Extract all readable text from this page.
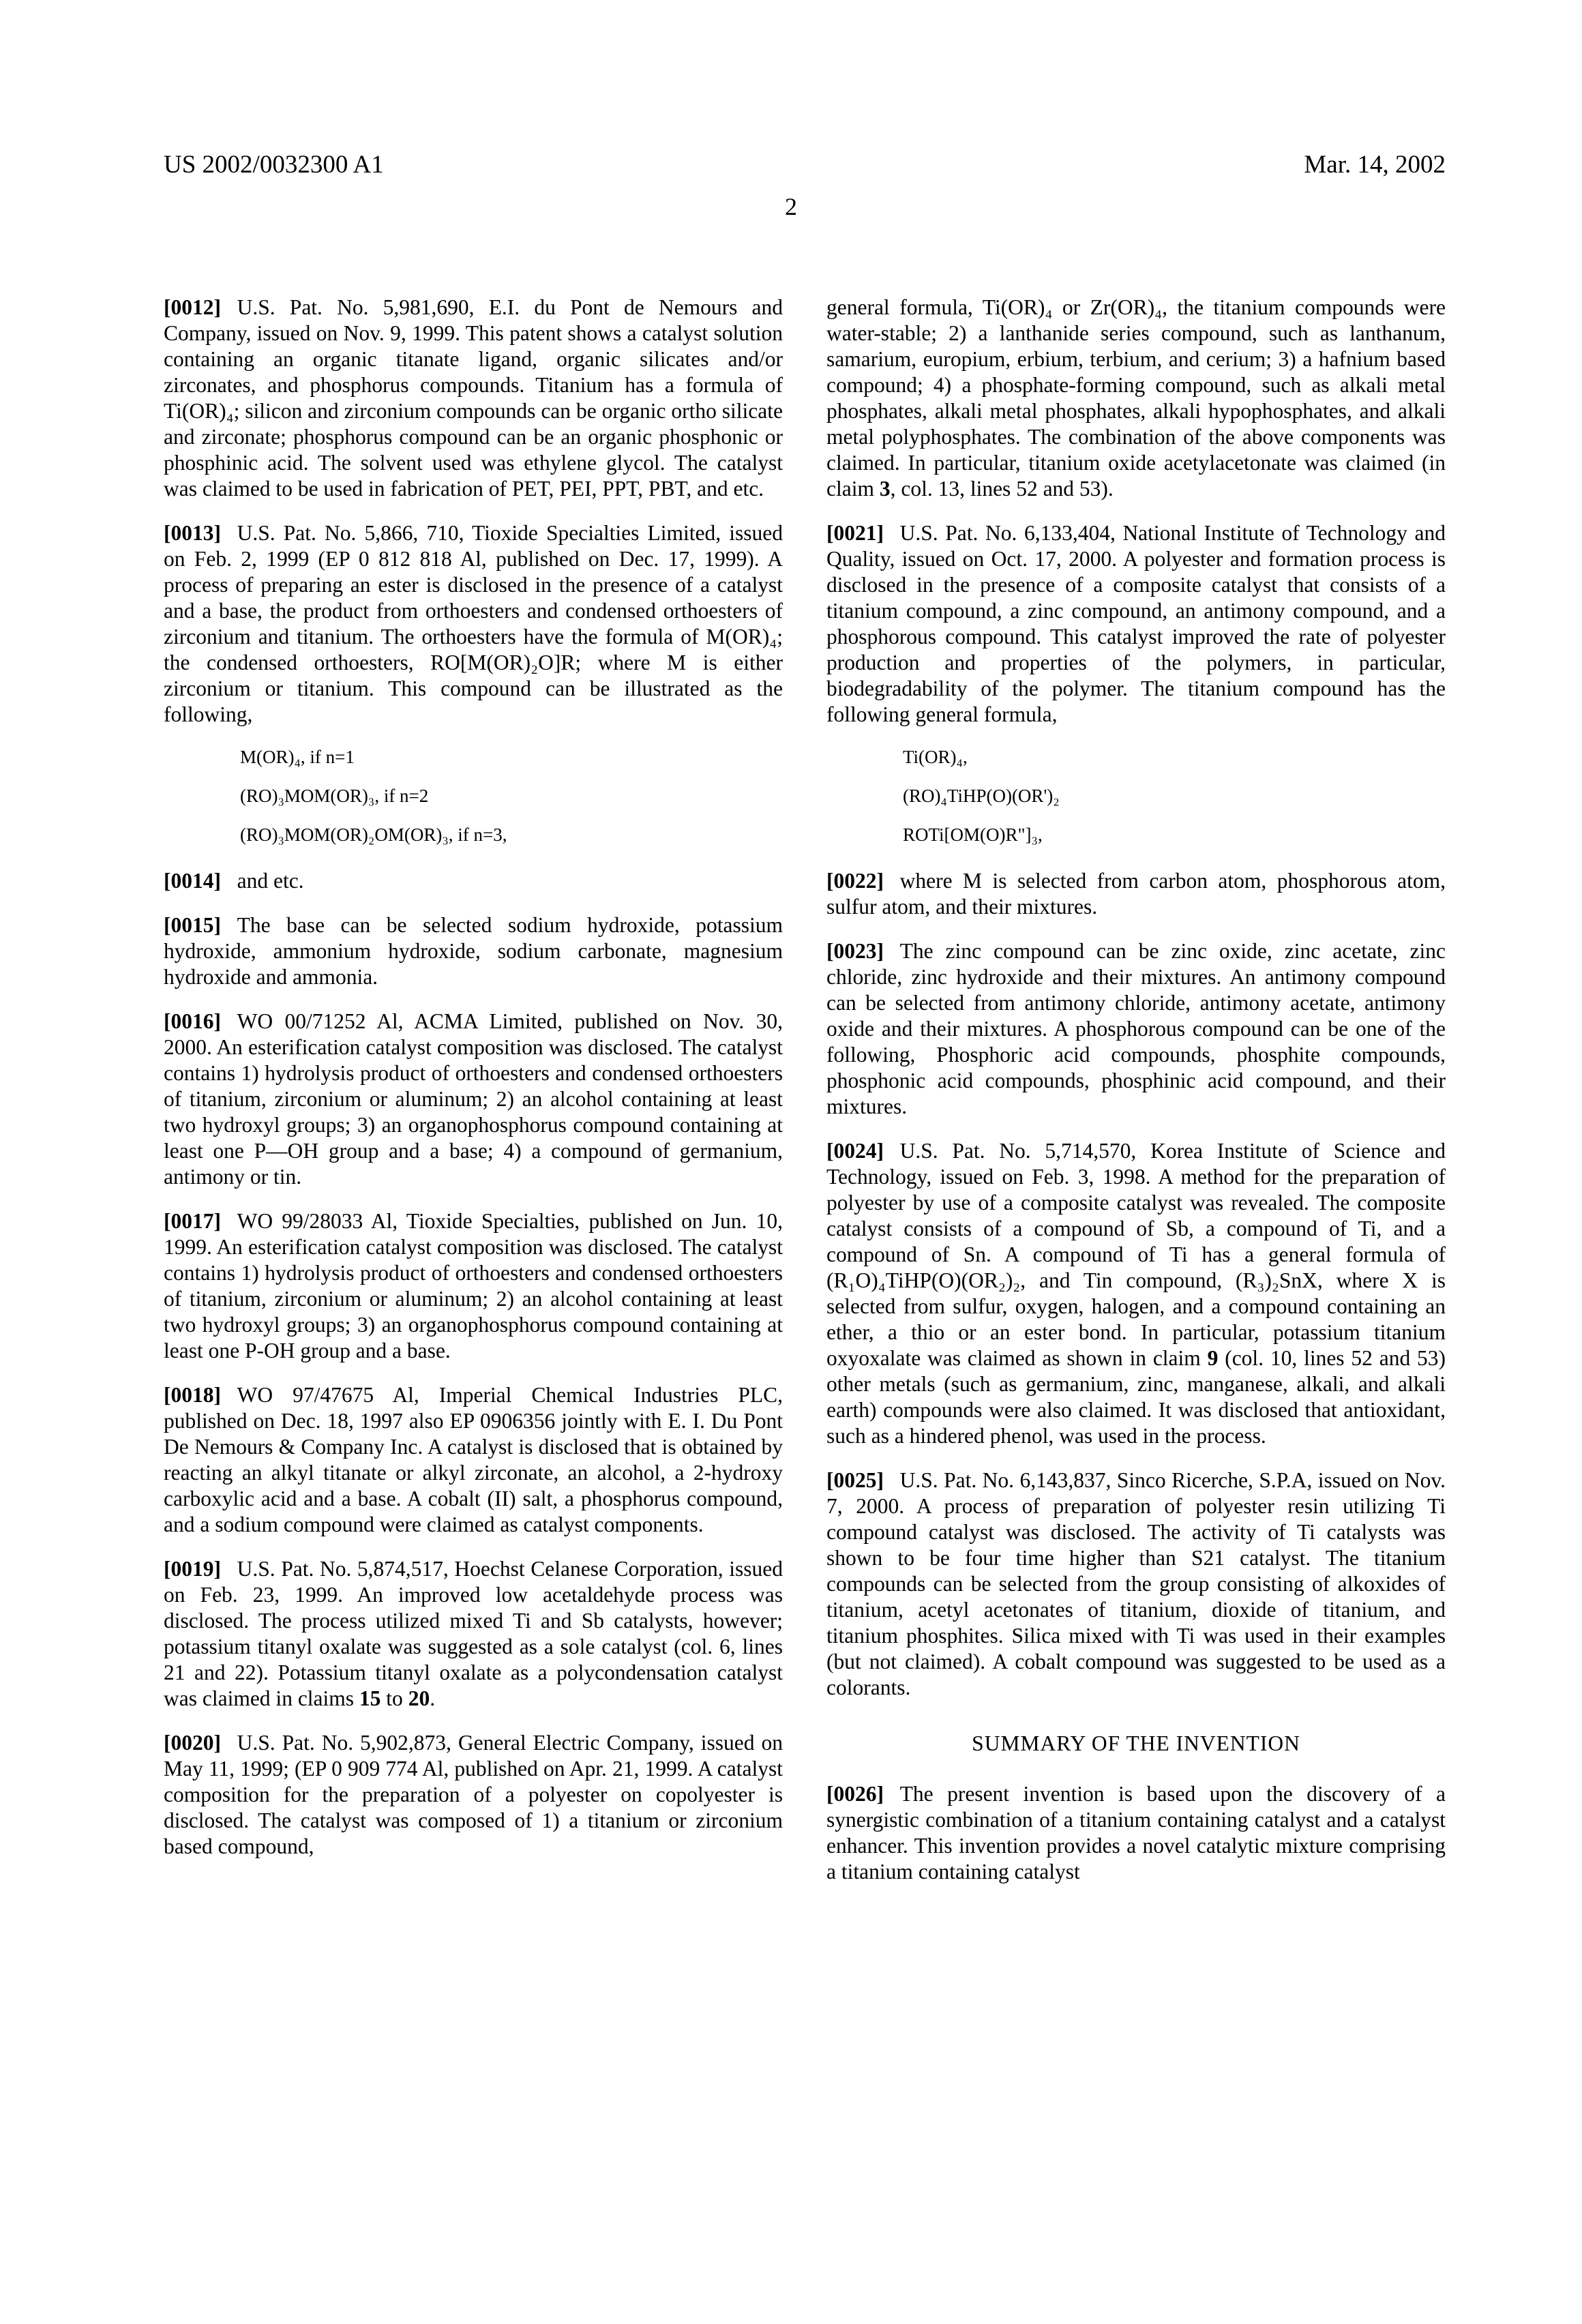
US 2002/0032300 A1	Mar. 14, 2002
2

[0012] U.S. Pat. No. 5,981,690, E.I. du Pont de Nemours and Company, issued on Nov. 9, 1999. This patent shows a catalyst solution containing an organic titanate ligand, organic silicates and/or zirconates, and phosphorus compounds. Titanium has a formula of Ti(OR)₄; silicon and zirconium compounds can be organic ortho silicate and zirconate; phosphorus compound can be an organic phosphonic or phosphinic acid. The solvent used was ethylene glycol. The catalyst was claimed to be used in fabrication of PET, PEI, PPT, PBT, and etc.

[0013] U.S. Pat. No. 5,866, 710, Tioxide Specialties Limited, issued on Feb. 2, 1999 (EP 0 812 818 Al, published on Dec. 17, 1999). A process of preparing an ester is disclosed in the presence of a catalyst and a base, the product from orthoesters and condensed orthoesters of zirconium and titanium. The orthoesters have the formula of M(OR)₄; the condensed orthoesters, RO[M(OR)₂O]R; where M is either zirconium or titanium. This compound can be illustrated as the following,

M(OR)₄, if n=1
(RO)₃MOM(OR)₃, if n=2
(RO)₃MOM(OR)₂OM(OR)₃, if n=3,

[0014] and etc.

[0015] The base can be selected sodium hydroxide, potassium hydroxide, ammonium hydroxide, sodium carbonate, magnesium hydroxide and ammonia.

[0016] WO 00/71252 Al, ACMA Limited, published on Nov. 30, 2000. An esterification catalyst composition was disclosed. The catalyst contains 1) hydrolysis product of orthoesters and condensed orthoesters of titanium, zirconium or aluminum; 2) an alcohol containing at least two hydroxyl groups; 3) an organophosphorus compound containing at least one P—OH group and a base; 4) a compound of germanium, antimony or tin.

[0017] WO 99/28033 Al, Tioxide Specialties, published on Jun. 10, 1999. An esterification catalyst composition was disclosed. The catalyst contains 1) hydrolysis product of orthoesters and condensed orthoesters of titanium, zirconium or aluminum; 2) an alcohol containing at least two hydroxyl groups; 3) an organophosphorus compound containing at least one P-OH group and a base.

[0018] WO 97/47675 Al, Imperial Chemical Industries PLC, published on Dec. 18, 1997 also EP 0906356 jointly with E. I. Du Pont De Nemours & Company Inc. A catalyst is disclosed that is obtained by reacting an alkyl titanate or alkyl zirconate, an alcohol, a 2-hydroxy carboxylic acid and a base. A cobalt (II) salt, a phosphorus compound, and a sodium compound were claimed as catalyst components.

[0019] U.S. Pat. No. 5,874,517, Hoechst Celanese Corporation, issued on Feb. 23, 1999. An improved low acetaldehyde process was disclosed. The process utilized mixed Ti and Sb catalysts, however; potassium titanyl oxalate was suggested as a sole catalyst (col. 6, lines 21 and 22). Potassium titanyl oxalate as a polycondensation catalyst was claimed in claims 15 to 20.

[0020] U.S. Pat. No. 5,902,873, General Electric Company, issued on May 11, 1999; (EP 0 909 774 Al, published on Apr. 21, 1999. A catalyst composition for the preparation of a polyester on copolyester is disclosed. The catalyst was composed of 1) a titanium or zirconium based compound,

general formula, Ti(OR)₄ or Zr(OR)₄, the titanium compounds were water-stable; 2) a lanthanide series compound, such as lanthanum, samarium, europium, erbium, terbium, and cerium; 3) a hafnium based compound; 4) a phosphate-forming compound, such as alkali metal phosphates, alkali metal phosphates, alkali hypophosphates, and alkali metal polyphosphates. The combination of the above components was claimed. In particular, titanium oxide acetylacetonate was claimed (in claim 3, col. 13, lines 52 and 53).

[0021] U.S. Pat. No. 6,133,404, National Institute of Technology and Quality, issued on Oct. 17, 2000. A polyester and formation process is disclosed in the presence of a composite catalyst that consists of a titanium compound, a zinc compound, an antimony compound, and a phosphorous compound. This catalyst improved the rate of polyester production and properties of the polymers, in particular, biodegradability of the polymer. The titanium compound has the following general formula,

Ti(OR)₄,
(RO)₄TiHP(O)(OR')₂
ROTi[OM(O)R"]₃,

[0022] where M is selected from carbon atom, phosphorous atom, sulfur atom, and their mixtures.

[0023] The zinc compound can be zinc oxide, zinc acetate, zinc chloride, zinc hydroxide and their mixtures. An antimony compound can be selected from antimony chloride, antimony acetate, antimony oxide and their mixtures. A phosphorous compound can be one of the following, Phosphoric acid compounds, phosphite compounds, phosphonic acid compounds, phosphinic acid compound, and their mixtures.

[0024] U.S. Pat. No. 5,714,570, Korea Institute of Science and Technology, issued on Feb. 3, 1998. A method for the preparation of polyester by use of a composite catalyst was revealed. The composite catalyst consists of a compound of Sb, a compound of Ti, and a compound of Sn. A compound of Ti has a general formula of (R₁O)₄TiHP(O)(OR₂)₂, and Tin compound, (R₃)₂SnX, where X is selected from sulfur, oxygen, halogen, and a compound containing an ether, a thio or an ester bond. In particular, potassium titanium oxyoxalate was claimed as shown in claim 9 (col. 10, lines 52 and 53) other metals (such as germanium, zinc, manganese, alkali, and alkali earth) compounds were also claimed. It was disclosed that antioxidant, such as a hindered phenol, was used in the process.

[0025] U.S. Pat. No. 6,143,837, Sinco Ricerche, S.P.A, issued on Nov. 7, 2000. A process of preparation of polyester resin utilizing Ti compound catalyst was disclosed. The activity of Ti catalysts was shown to be four time higher than S21 catalyst. The titanium compounds can be selected from the group consisting of alkoxides of titanium, acetyl acetonates of titanium, dioxide of titanium, and titanium phosphites. Silica mixed with Ti was used in their examples (but not claimed). A cobalt compound was suggested to be used as a colorants.

SUMMARY OF THE INVENTION

[0026] The present invention is based upon the discovery of a synergistic combination of a titanium containing catalyst and a catalyst enhancer. This invention provides a novel catalytic mixture comprising a titanium containing catalyst
